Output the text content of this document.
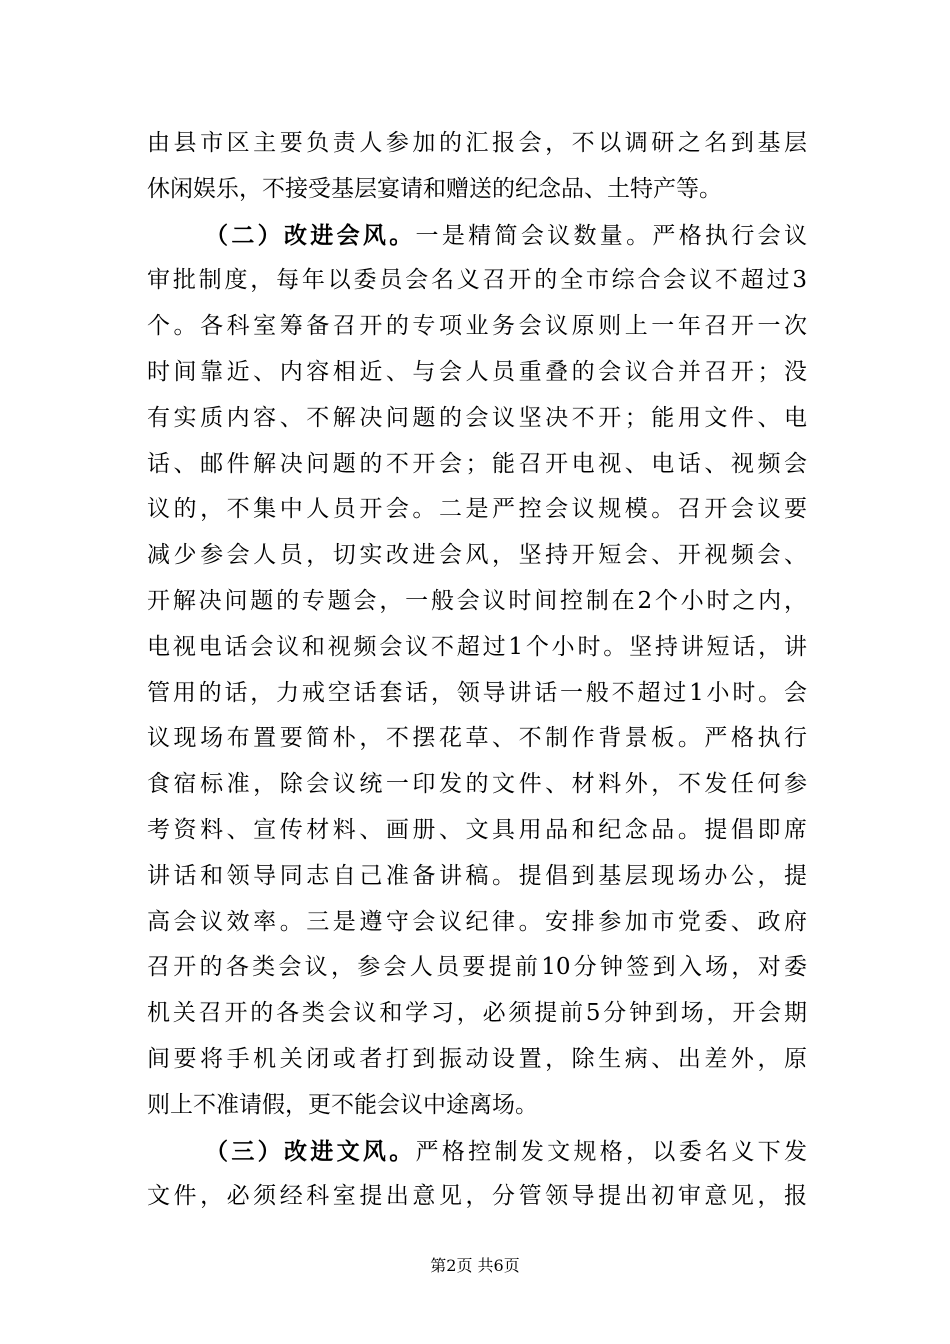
由县市区主要负责人参加的汇报会，不以调研之名到基层
休闲娱乐，不接受基层宴请和赠送的纪念品、土特产等。
（二）改进会风。一是精简会议数量。严格执行会议
审批制度，每年以委员会名义召开的全市综合会议不超过3
个。各科室筹备召开的专项业务会议原则上一年召开一次
时间靠近、内容相近、与会人员重叠的会议合并召开；没
有实质内容、不解决问题的会议坚决不开；能用文件、电
话、邮件解决问题的不开会；能召开电视、电话、视频会
议的，不集中人员开会。二是严控会议规模。召开会议要
减少参会人员，切实改进会风，坚持开短会、开视频会、
开解决问题的专题会，一般会议时间控制在2个小时之内，
电视电话会议和视频会议不超过1个小时。坚持讲短话，讲
管用的话，力戒空话套话，领导讲话一般不超过1小时。会
议现场布置要简朴，不摆花草、不制作背景板。严格执行
食宿标准，除会议统一印发的文件、材料外，不发任何参
考资料、宣传材料、画册、文具用品和纪念品。提倡即席
讲话和领导同志自己准备讲稿。提倡到基层现场办公，提
高会议效率。三是遵守会议纪律。安排参加市党委、政府
召开的各类会议，参会人员要提前10分钟签到入场，对委
机关召开的各类会议和学习，必须提前5分钟到场，开会期
间要将手机关闭或者打到振动设置，除生病、出差外，原
则上不准请假，更不能会议中途离场。
（三）改进文风。严格控制发文规格，以委名义下发
文件，必须经科室提出意见，分管领导提出初审意见，报
第2页 共6页
